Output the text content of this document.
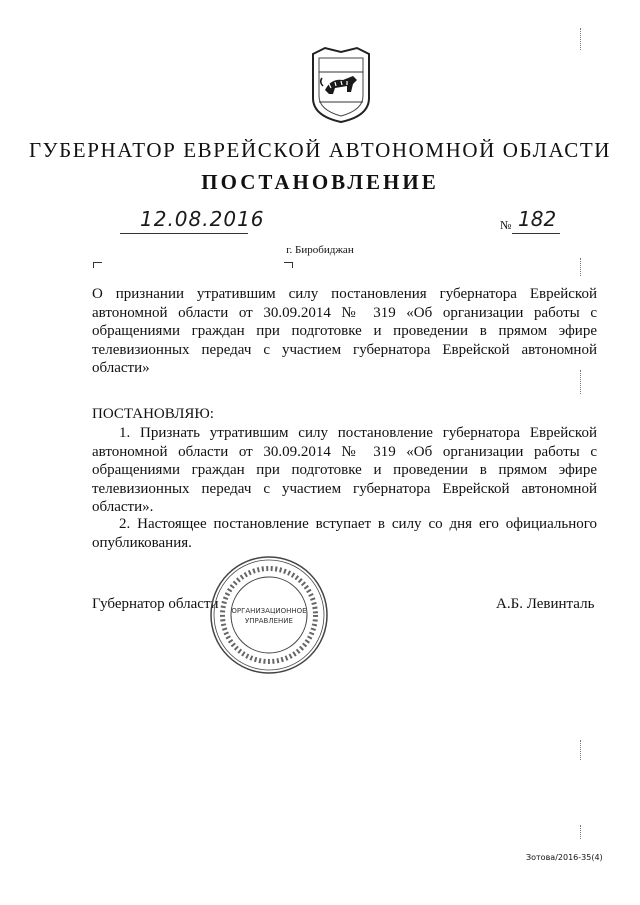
ГУБЕРНАТОР ЕВРЕЙСКОЙ АВТОНОМНОЙ ОБЛАСТИ
ПОСТАНОВЛЕНИЕ
12.08.2016	№ 182
г. Биробиджан
О признании утратившим силу постановления губернатора Еврейской автономной области от 30.09.2014 № 319 «Об организации работы с обращениями граждан при подготовке и проведении в прямом эфире телевизионных передач с участием губернатора Еврейской автономной области»
ПОСТАНОВЛЯЮ:
1. Признать утратившим силу постановление губернатора Еврейской автономной области от 30.09.2014 № 319 «Об организации работы с обращениями граждан при подготовке и проведении в прямом эфире телевизионных передач с участием губернатора Еврейской автономной области».
2. Настоящее постановление вступает в силу со дня его официального опубликования.
Губернатор области	А.Б. Левинталь
ОРГАНИЗАЦИОННОЕ
УПРАВЛЕНИЕ
Зотова/2016-35(4)
